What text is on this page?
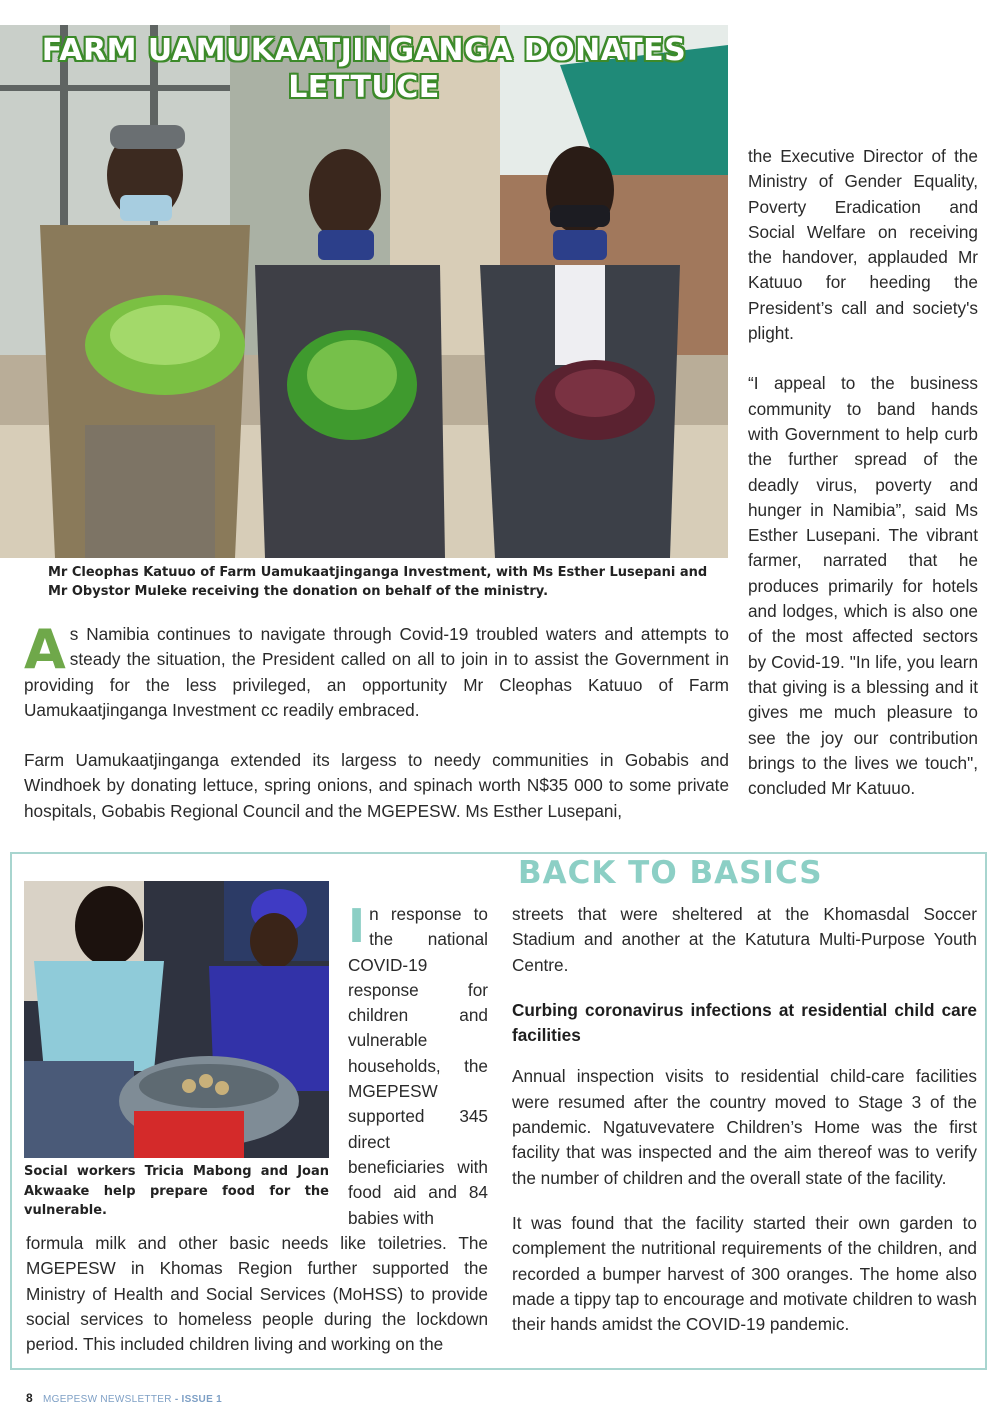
FARM UAMUKAATJINGANGA DONATES LETTUCE
Mr Cleophas Katuuo of Farm Uamukaatjinganga Investment, with Ms Esther Lusepani and Mr Obystor Muleke receiving the donation on behalf of the ministry.

the Executive Director of the Ministry of Gender Equality, Poverty Eradication and Social Welfare on receiving the handover, applauded Mr Katuuo for heeding the President’s call and society's plight.

“I appeal to the business community to band hands with Government to help curb the further spread of the deadly virus, poverty and hunger in Namibia”, said Ms Esther Lusepani. The vibrant farmer, narrated that he produces primarily for hotels and lodges, which is also one of the most affected sectors by Covid-19. "In life, you learn that giving is a blessing and it gives me much pleasure to see the joy our contribution brings to the lives we touch", concluded Mr Katuuo.

As Namibia continues to navigate through Covid-19 troubled waters and attempts to steady the situation, the President called on all to join in to assist the Government in providing for the less privileged, an opportunity Mr Cleophas Katuuo of Farm Uamukaatjinganga Investment cc readily embraced.

Farm Uamukaatjinganga extended its largess to needy communities in Gobabis and Windhoek by donating lettuce, spring onions, and spinach worth N$35 000 to some private hospitals, Gobabis Regional Council and the MGEPESW. Ms Esther Lusepani,

BACK TO BASICS
Social workers Tricia Mabong and Joan Akwaake help prepare food for the vulnerable.

In response to the national COVID-19 response for children and vulnerable households, the MGEPESW supported 345 direct beneficiaries with food aid and 84 babies with

formula milk and other basic needs like toiletries. The MGEPESW in Khomas Region further supported the Ministry of Health and Social Services (MoHSS) to provide social services to homeless people during the lockdown period. This included children living and working on the

streets that were sheltered at the Khomasdal Soccer Stadium and another at the Katutura Multi-Purpose Youth Centre.

Curbing coronavirus infections at residential child care facilities

Annual inspection visits to residential child-care facilities were resumed after the country moved to Stage 3 of the pandemic. Ngatuvevatere Children’s Home was the first facility that was inspected and the aim thereof was to verify the number of children and the overall state of the facility.

It was found that the facility started their own garden to complement the nutritional requirements of the children, and recorded a bumper harvest of 300 oranges. The home also made a tippy tap to encourage and motivate children to wash their hands amidst the COVID-19 pandemic.

8 MGEPESW NEWSLETTER - ISSUE 1
